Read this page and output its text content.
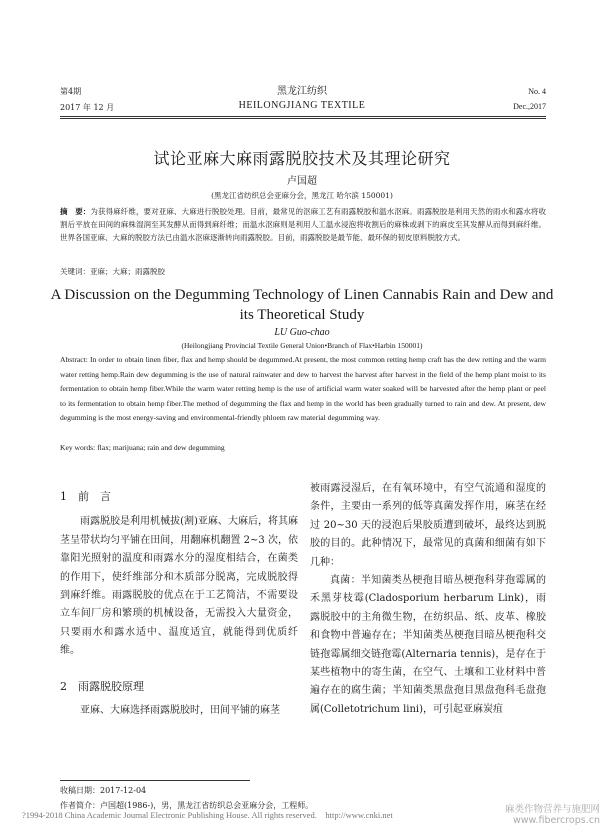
第4期
2017 年 12 月
黑龙江纺织
HEILONGJIANG TEXTILE
No. 4
Dec.,2017
试论亚麻大麻雨露脱胶技术及其理论研究
卢国超
(黑龙江省纺织总会亚麻分会，黑龙江 哈尔滨 150001)
摘　要：为获得麻纤维，要对亚麻、大麻进行脱胶处理。目前，最常见的沤麻工艺有雨露脱胶和温水沤麻。雨露脱胶是利用天然的雨水和露水将收割后平放在田间的麻株湿润至其发酵从而得到麻纤维；而温水沤麻则是利用人工温水浸泡将收割后的麻株或剥下的麻皮至其发酵从而得到麻纤维。世界各国亚麻、大麻的脱胶方法已由温水沤麻逐渐转向雨露脱胶。目前，雨露脱胶是最节能、最环保的韧皮原料脱胶方式。
关键词：亚麻；大麻；雨露脱胶
A Discussion on the Degumming Technology of Linen Cannabis Rain and Dew and its Theoretical Study
LU Guo-chao
(Heilongjiang Provincial Textile General Union•Branch of Flax•Harbin 150001)
Abstract: In order to obtain linen fiber, flax and hemp should be degummed.At present, the most common retting hemp craft has the dew retting and the warm water retting hemp.Rain dew degumming is the use of natural rainwater and dew to harvest the harvest after harvest in the field of the hemp plant moist to its fermentation to obtain hemp fiber.While the warm water retting hemp is the use of artificial warm water soaked will be harvested after the hemp plant or peel to its fermentation to obtain hemp fiber.The method of degumming the flax and hemp in the world has been gradually turned to rain and dew. At present, dew degumming is the most energy-saving and environmental-friendly phloem raw material degumming way.
Key words: flax; marijuana; rain and dew degumming
1　 前　言

雨露脱胶是利用机械拔(割)亚麻、大麻后，将其麻茎呈带状均匀平铺在田间，用翻麻机翻置 2~3 次，依靠阳光照射的温度和雨露水分的湿度相结合，在菌类的作用下，使纤维部分和木质部分脱离，完成脱胶得到麻纤维。雨露脱胶的优点在于工艺简洁，不需要设立车间厂房和繁琐的机械设备，无需投入大量资金，只要雨水和露水适中、温度适宜，就能得到优质纤维。

2　 雨露脱胶原理

亚麻、大麻选择雨露脱胶时，田间平铺的麻茎

被雨露浸湿后，在有氧环境中，有空气流通和湿度的条件，主要由一系列的低等真菌发挥作用，麻茎在经过 20~30 天的浸泡后果胶质遭到破坏，最终达到脱胶的目的。此种情况下，最常见的真菌和细菌有如下几种：

真菌：半知菌类丛梗孢目暗丛梗孢科芽孢霉属的禾黑芽枝霉(Cladosporium herbarum Link)，雨露脱胶中的主角微生物，在纺织品、纸、皮革、橡胶和食物中普遍存在；半知菌类丛梗孢目暗丛梗孢科交链孢霉属细交链孢霉(Alternaria tennis)，是存在于某些植物中的寄生菌，在空气、土壤和工业材料中普遍存在的腐生菌；半知菌类黑盘孢目黑盘孢科毛盘孢属(Colletotrichum lini)，可引起亚麻炭疽

收稿日期：2017-12-04
作者简介：卢国超(1986-)，男，黑龙江省纺织总会亚麻分会，工程师。
?1994-2018 China Academic Journal Electronic Publishing House. All rights reserved.　http://www.cnki.net	麻类作物营养与施肥网 www.fibercrops.cn
